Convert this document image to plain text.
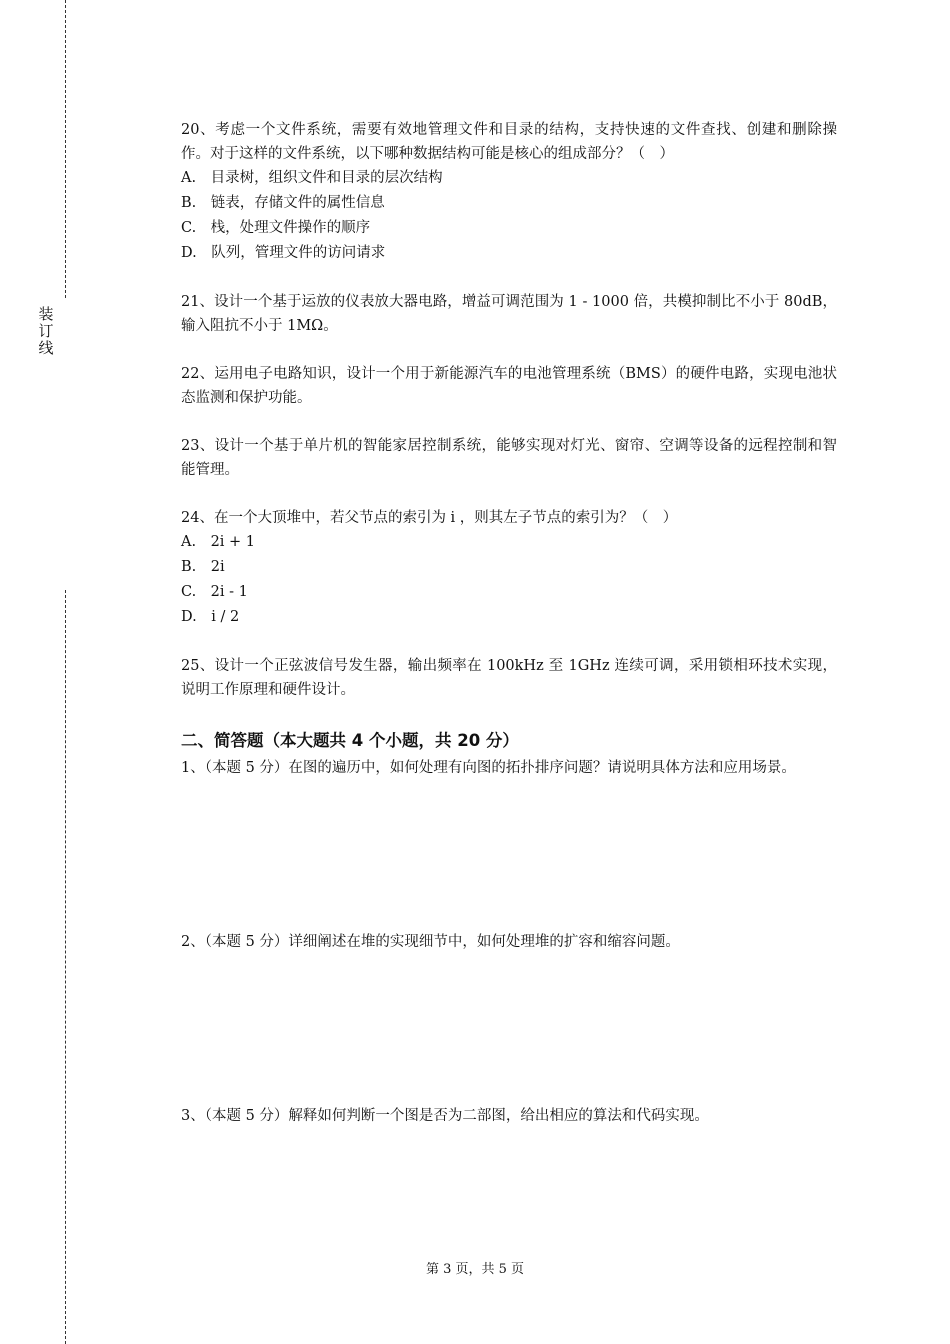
装
订
线

20、考虑一个文件系统，需要有效地管理文件和目录的结构，支持快速的文件查找、创建和删除操作。对于这样的文件系统，以下哪种数据结构可能是核心的组成部分？（　）

A.　目录树，组织文件和目录的层次结构
B.　链表，存储文件的属性信息
C.　栈，处理文件操作的顺序
D.　队列，管理文件的访问请求

21、设计一个基于运放的仪表放大器电路，增益可调范围为 1 - 1000 倍，共模抑制比不小于 80dB，输入阻抗不小于 1MΩ。

22、运用电子电路知识，设计一个用于新能源汽车的电池管理系统（BMS）的硬件电路，实现电池状态监测和保护功能。

23、设计一个基于单片机的智能家居控制系统，能够实现对灯光、窗帘、空调等设备的远程控制和智能管理。

24、在一个大顶堆中，若父节点的索引为 i ，则其左子节点的索引为？（　）

A.　2i + 1
B.　2i
C.　2i - 1
D.　i / 2

25、设计一个正弦波信号发生器，输出频率在 100kHz 至 1GHz 连续可调，采用锁相环技术实现，说明工作原理和硬件设计。

二、简答题（本大题共 4 个小题，共 20 分）

1、（本题 5 分）在图的遍历中，如何处理有向图的拓扑排序问题？请说明具体方法和应用场景。

2、（本题 5 分）详细阐述在堆的实现细节中，如何处理堆的扩容和缩容问题。

3、（本题 5 分）解释如何判断一个图是否为二部图，给出相应的算法和代码实现。

第 3 页，共 5 页
